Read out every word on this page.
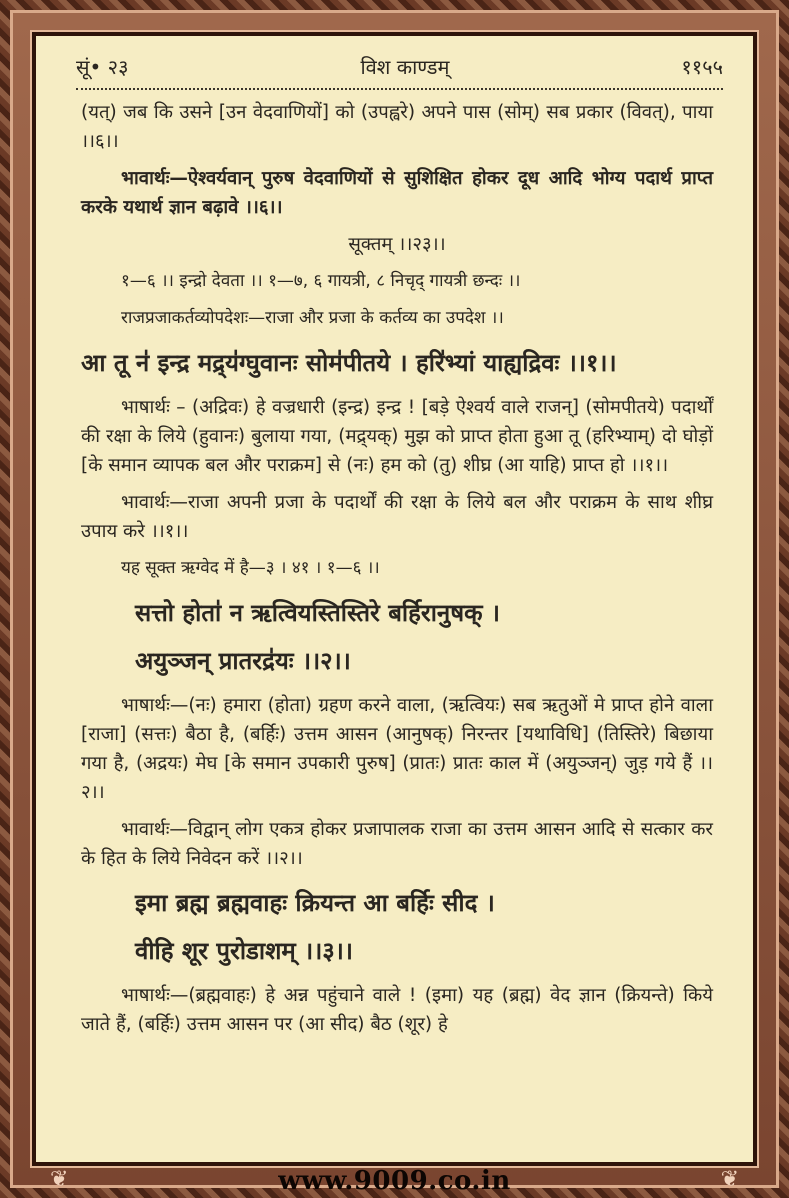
सूं• २३	विश काण्डम्	११५५
(यत्) जब कि उसने [उन वेदवाणियों] को (उपह्वरे) अपने पास (सोम्) सब प्रकार (विवत्), पाया ।।६।।
भावार्थः—ऐश्वर्यवान् पुरुष वेदवाणियों से सुशिक्षित होकर दूध आदि भोग्य पदार्थ प्राप्त करके यथार्थ ज्ञान बढ़ावे ।।६।।
सूक्तम् ।।२३।।
१—६ ।। इन्द्रो देवता ।। १—७, ६ गायत्री, ८ निचृद् गायत्री छन्दः ।।
राजप्रजाकर्तव्योपदेशः—राजा और प्रजा के कर्तव्य का उपदेश ।।
आ तू न॑ इन्द्र मद्र्य॑ग्घुवानः सोम॑पीतये । हरि॑भ्यां याह्यद्रिवः ।।१।।
भाषार्थः – (अद्रिवः) हे वज्रधारी (इन्द्र) इन्द्र ! [बड़े ऐश्वर्य वाले राजन्] (सोमपीतये) पदार्थों की रक्षा के लिये (हुवानः) बुलाया गया, (मद्र्यक्) मुझ को प्राप्त होता हुआ तू (हरिभ्याम्) दो घोड़ों [के समान व्यापक बल और पराक्रम] से (नः) हम को (तु) शीघ्र (आ याहि) प्राप्त हो ।।१।।
भावार्थः—राजा अपनी प्रजा के पदार्थों की रक्षा के लिये बल और पराक्रम के साथ शीघ्र उपाय करे ।।१।।
यह सूक्त ऋग्वेद में है—३ । ४१ । १—६ ।।
सत्तो होता॑ न ऋत्वियस्तिस्तिरे बर्हिरानुषक् ।
अयुञ्जन् प्रातरद्र॑यः ।।२।।
भाषार्थः—(नः) हमारा (होता) ग्रहण करने वाला, (ऋत्वियः) सब ऋतुओं मे प्राप्त होने वाला [राजा] (सत्तः) बैठा है, (बर्हिः) उत्तम आसन (आनुषक्) निरन्तर [यथाविधि] (तिस्तिरे) बिछाया गया है, (अद्रयः) मेघ [के समान उपकारी पुरुष] (प्रातः) प्रातः काल में (अयुञ्जन्) जुड़ गये हैं ।।२।।
भावार्थः—विद्वान् लोग एकत्र होकर प्रजापालक राजा का उत्तम आसन आदि से सत्कार कर के हित के लिये निवेदन करें ।।२।।
इमा ब्रह्म ब्रह्मवाहः क्रियन्त आ बर्हिः सीद ।
वीहि शूर पुरोडाशम् ।।३।।
भाषार्थः—(ब्रह्मवाहः) हे अन्न पहुंचाने वाले ! (इमा) यह (ब्रह्म) वेद ज्ञान (क्रियन्ते) किये जाते हैं, (बर्हिः) उत्तम आसन पर (आ सीद) बैठ (शूर) हे
www.9009.co.in
❦	❦
